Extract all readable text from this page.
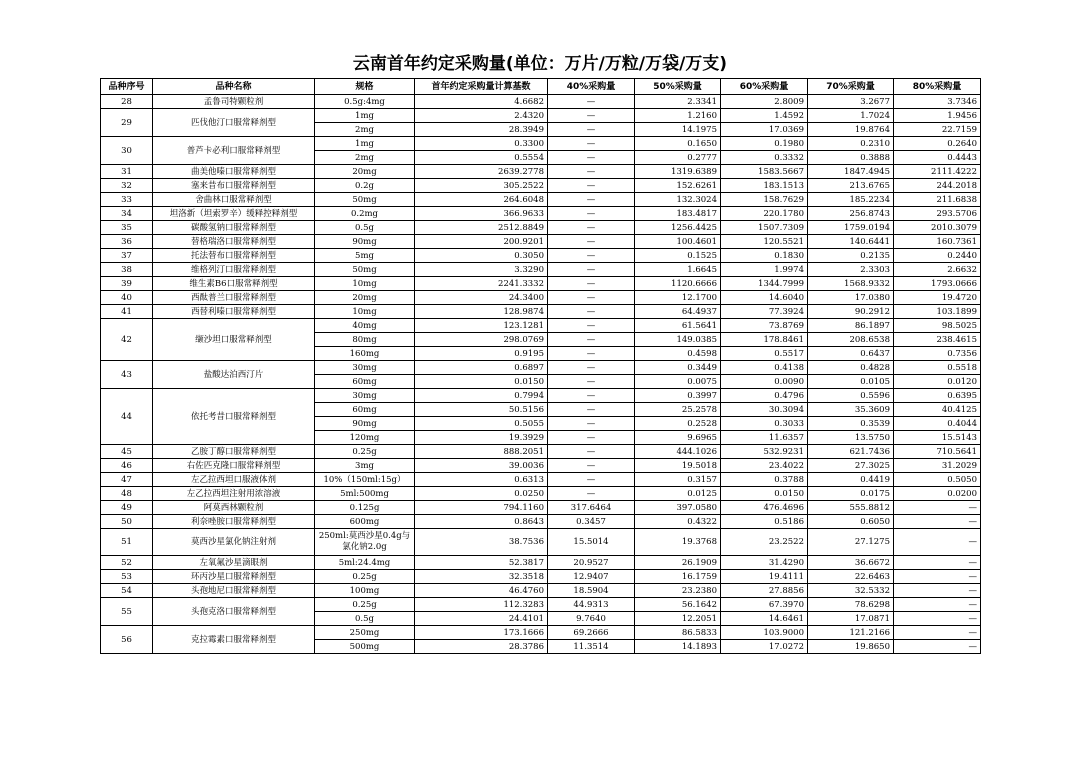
云南首年约定采购量(单位：万片/万粒/万袋/万支)
品种序号	品种名称	规格	首年约定采购量计算基数	40%采购量	50%采购量	60%采购量	70%采购量	80%采购量
28	孟鲁司特颗粒剂	0.5g:4mg	4.6682	—	2.3341	2.8009	3.2677	3.7346
29	匹伐他汀口服常释剂型	1mg	2.4320	—	1.2160	1.4592	1.7024	1.9456
		2mg	28.3949	—	14.1975	17.0369	19.8764	22.7159
30	普芦卡必利口服常释剂型	1mg	0.3300	—	0.1650	0.1980	0.2310	0.2640
		2mg	0.5554	—	0.2777	0.3332	0.3888	0.4443
31	曲美他嗪口服常释剂型	20mg	2639.2778	—	1319.6389	1583.5667	1847.4945	2111.4222
32	塞来昔布口服常释剂型	0.2g	305.2522	—	152.6261	183.1513	213.6765	244.2018
33	舍曲林口服常释剂型	50mg	264.6048	—	132.3024	158.7629	185.2234	211.6838
34	坦洛新（坦索罗辛）缓释控释剂型	0.2mg	366.9633	—	183.4817	220.1780	256.8743	293.5706
35	碳酸氢钠口服常释剂型	0.5g	2512.8849	—	1256.4425	1507.7309	1759.0194	2010.3079
36	替格瑞洛口服常释剂型	90mg	200.9201	—	100.4601	120.5521	140.6441	160.7361
37	托法替布口服常释剂型	5mg	0.3050	—	0.1525	0.1830	0.2135	0.2440
38	维格列汀口服常释剂型	50mg	3.3290	—	1.6645	1.9974	2.3303	2.6632
39	维生素B6口服常释剂型	10mg	2241.3332	—	1120.6666	1344.7999	1568.9332	1793.0666
40	西酞普兰口服常释剂型	20mg	24.3400	—	12.1700	14.6040	17.0380	19.4720
41	西替利嗪口服常释剂型	10mg	128.9874	—	64.4937	77.3924	90.2912	103.1899
42	缬沙坦口服常释剂型	40mg	123.1281	—	61.5641	73.8769	86.1897	98.5025
		80mg	298.0769	—	149.0385	178.8461	208.6538	238.4615
		160mg	0.9195	—	0.4598	0.5517	0.6437	0.7356
43	盐酸达泊西汀片	30mg	0.6897	—	0.3449	0.4138	0.4828	0.5518
		60mg	0.0150	—	0.0075	0.0090	0.0105	0.0120
44	依托考昔口服常释剂型	30mg	0.7994	—	0.3997	0.4796	0.5596	0.6395
		60mg	50.5156	—	25.2578	30.3094	35.3609	40.4125
		90mg	0.5055	—	0.2528	0.3033	0.3539	0.4044
		120mg	19.3929	—	9.6965	11.6357	13.5750	15.5143
45	乙胺丁醇口服常释剂型	0.25g	888.2051	—	444.1026	532.9231	621.7436	710.5641
46	右佐匹克隆口服常释剂型	3mg	39.0036	—	19.5018	23.4022	27.3025	31.2029
47	左乙拉西坦口服液体剂	10%（150ml:15g）	0.6313	—	0.3157	0.3788	0.4419	0.5050
48	左乙拉西坦注射用浓溶液	5ml:500mg	0.0250	—	0.0125	0.0150	0.0175	0.0200
49	阿莫西林颗粒剂	0.125g	794.1160	317.6464	397.0580	476.4696	555.8812	—
50	利奈唑胺口服常释剂型	600mg	0.8643	0.3457	0.4322	0.5186	0.6050	—
51	莫西沙星氯化钠注射剂	250ml:莫西沙星0.4g与氯化钠2.0g	38.7536	15.5014	19.3768	23.2522	27.1275	—
52	左氧氟沙星滴眼剂	5ml:24.4mg	52.3817	20.9527	26.1909	31.4290	36.6672	—
53	环丙沙星口服常释剂型	0.25g	32.3518	12.9407	16.1759	19.4111	22.6463	—
54	头孢地尼口服常释剂型	100mg	46.4760	18.5904	23.2380	27.8856	32.5332	—
55	头孢克洛口服常释剂型	0.25g	112.3283	44.9313	56.1642	67.3970	78.6298	—
		0.5g	24.4101	9.7640	12.2051	14.6461	17.0871	—
56	克拉霉素口服常释剂型	250mg	173.1666	69.2666	86.5833	103.9000	121.2166	—
		500mg	28.3786	11.3514	14.1893	17.0272	19.8650	—
